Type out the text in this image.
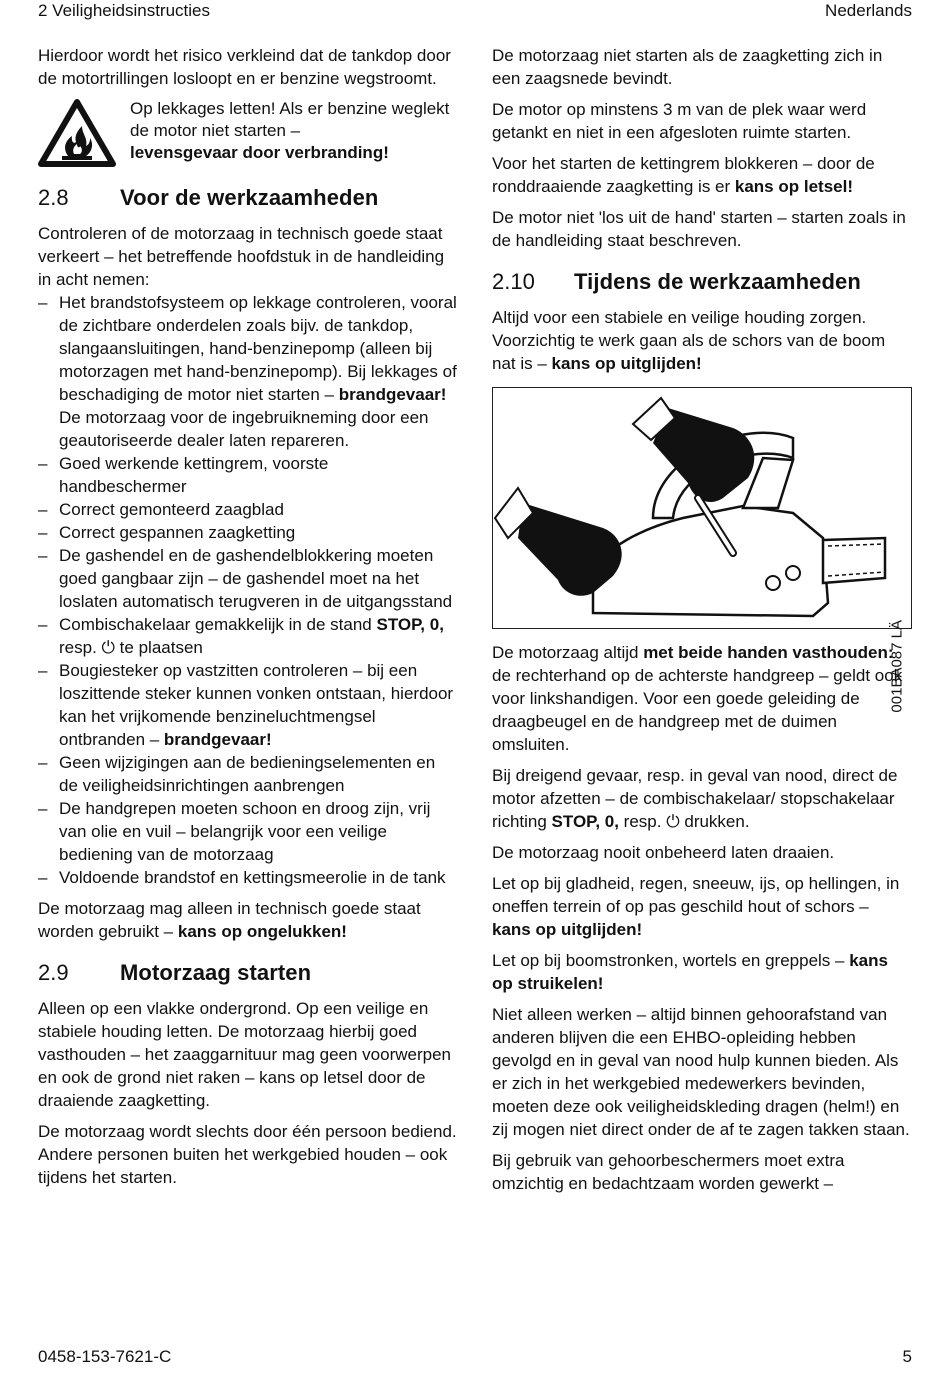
2 Veiligheidsinstructies	Nederlands

Hierdoor wordt het risico verkleind dat de tankdop door de motortrillingen losloopt en er benzine wegstroomt.

Op lekkages letten! Als er benzine weglekt de motor niet starten –
levensgevaar door verbranding!
2.8	Voor de werkzaamheden

Controleren of de motorzaag in technisch goede staat verkeert – het betreffende hoofdstuk in de handleiding in acht nemen:

– Het brandstofsysteem op lekkage controleren, vooral de zichtbare onderdelen zoals bijv. de tankdop, slangaansluitingen, hand-benzinepomp (alleen bij motorzagen met hand-benzinepomp). Bij lekkages of beschadiging de motor niet starten – brandgevaar! De motorzaag voor de ingebruikneming door een geautoriseerde dealer laten repareren.
– Goed werkende kettingrem, voorste handbeschermer
– Correct gemonteerd zaagblad
– Correct gespannen zaagketting
– De gashendel en de gashendelblokkering moeten goed gangbaar zijn – de gashendel moet na het loslaten automatisch terugveren in de uitgangsstand
– Combischakelaar gemakkelijk in de stand STOP, 0, resp. ⏻ te plaatsen
– Bougiesteker op vastzitten controleren – bij een loszittende steker kunnen vonken ontstaan, hierdoor kan het vrijkomende benzineluchtmengsel ontbranden – brandgevaar!
– Geen wijzigingen aan de bedieningselementen en de veiligheidsinrichtingen aanbrengen
– De handgrepen moeten schoon en droog zijn, vrij van olie en vuil – belangrijk voor een veilige bediening van de motorzaag
– Voldoende brandstof en kettingsmeerolie in de tank

De motorzaag mag alleen in technisch goede staat worden gebruikt – kans op ongelukken!

2.9	Motorzaag starten

Alleen op een vlakke ondergrond. Op een veilige en stabiele houding letten. De motorzaag hierbij goed vasthouden – het zaaggarnituur mag geen voorwerpen en ook de grond niet raken – kans op letsel door de draaiende zaagketting.

De motorzaag wordt slechts door één persoon bediend. Andere personen buiten het werkgebied houden – ook tijdens het starten.

De motorzaag niet starten als de zaagketting zich in een zaagsnede bevindt.

De motor op minstens 3 m van de plek waar werd getankt en niet in een afgesloten ruimte starten.

Voor het starten de kettingrem blokkeren – door de ronddraaiende zaagketting is er kans op letsel!

De motor niet 'los uit de hand' starten – starten zoals in de handleiding staat beschreven.

2.10	Tijdens de werkzaamheden

Altijd voor een stabiele en veilige houding zorgen. Voorzichtig te werk gaan als de schors van de boom nat is – kans op uitglijden!

001BA087 LÄ

De motorzaag altijd met beide handen vasthouden: de rechterhand op de achterste handgreep – geldt ook voor linkshandigen. Voor een goede geleiding de draagbeugel en de handgreep met de duimen omsluiten.

Bij dreigend gevaar, resp. in geval van nood, direct de motor afzetten – de combischakelaar/ stopschakelaar richting STOP, 0, resp. ⏻ drukken.

De motorzaag nooit onbeheerd laten draaien.

Let op bij gladheid, regen, sneeuw, ijs, op hellingen, in oneffen terrein of op pas geschild hout of schors – kans op uitglijden!

Let op bij boomstronken, wortels en greppels – kans op struikelen!

Niet alleen werken – altijd binnen gehoorafstand van anderen blijven die een EHBO-opleiding hebben gevolgd en in geval van nood hulp kunnen bieden. Als er zich in het werkgebied medewerkers bevinden, moeten deze ook veiligheidskleding dragen (helm!) en zij mogen niet direct onder de af te zagen takken staan.

Bij gebruik van gehoorbeschermers moet extra omzichtig en bedachtzaam worden gewerkt –

0458-153-7621-C	5
